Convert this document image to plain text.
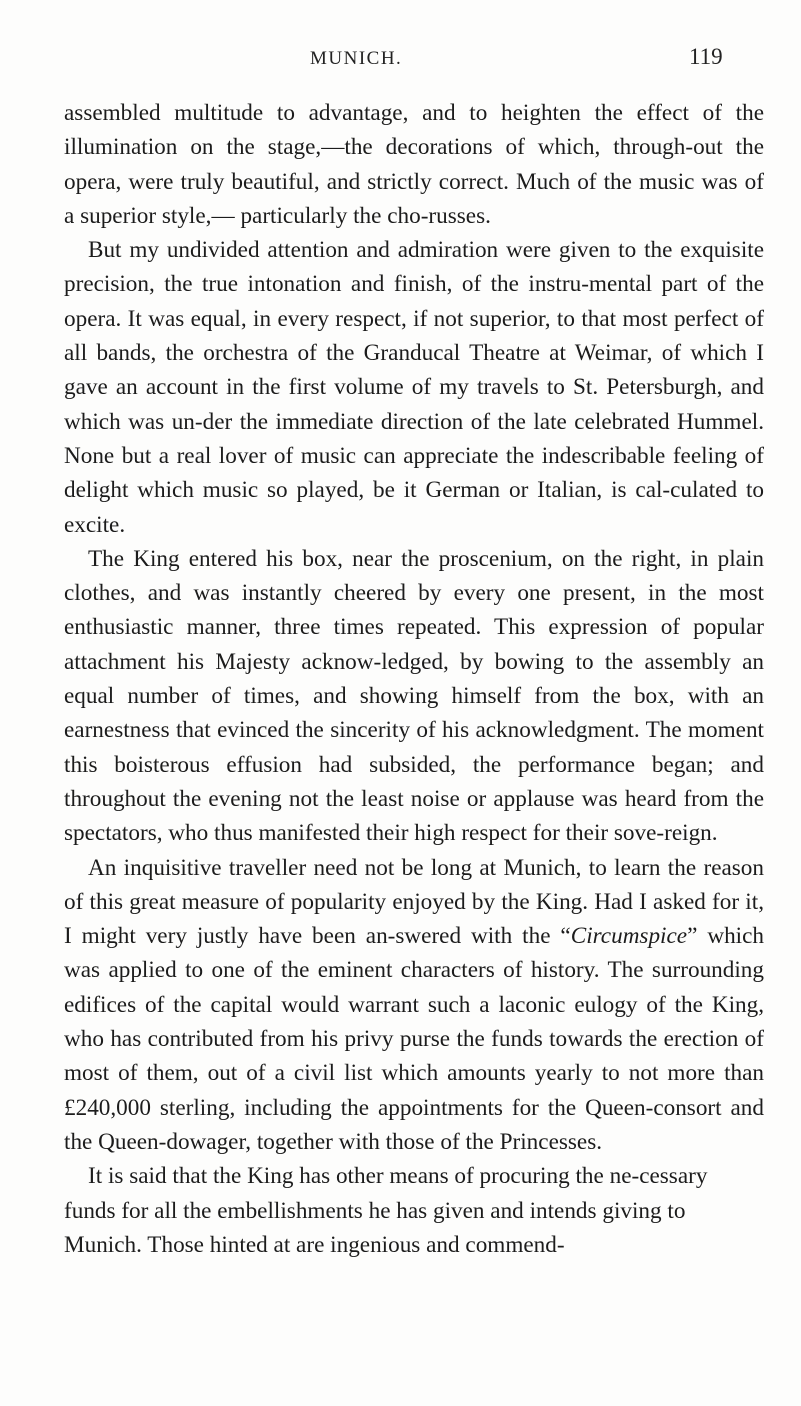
MUNICH.	119

assembled multitude to advantage, and to heighten the effect of the illumination on the stage,—the decorations of which, through-out the opera, were truly beautiful, and strictly correct. Much of the music was of a superior style,— particularly the cho-russes.

But my undivided attention and admiration were given to the exquisite precision, the true intonation and finish, of the instru-mental part of the opera. It was equal, in every respect, if not superior, to that most perfect of all bands, the orchestra of the Granducal Theatre at Weimar, of which I gave an account in the first volume of my travels to St. Petersburgh, and which was un-der the immediate direction of the late celebrated Hummel. None but a real lover of music can appreciate the indescribable feeling of delight which music so played, be it German or Italian, is cal-culated to excite.

The King entered his box, near the proscenium, on the right, in plain clothes, and was instantly cheered by every one present, in the most enthusiastic manner, three times repeated. This expression of popular attachment his Majesty acknow-ledged, by bowing to the assembly an equal number of times, and showing himself from the box, with an earnestness that evinced the sincerity of his acknowledgment. The moment this boisterous effusion had subsided, the performance began; and throughout the evening not the least noise or applause was heard from the spectators, who thus manifested their high respect for their sove-reign.

An inquisitive traveller need not be long at Munich, to learn the reason of this great measure of popularity enjoyed by the King. Had I asked for it, I might very justly have been an-swered with the “Circumspice” which was applied to one of the eminent characters of history. The surrounding edifices of the capital would warrant such a laconic eulogy of the King, who has contributed from his privy purse the funds towards the erection of most of them, out of a civil list which amounts yearly to not more than £240,000 sterling, including the appointments for the Queen-consort and the Queen-dowager, together with those of the Princesses.

It is said that the King has other means of procuring the ne-cessary funds for all the embellishments he has given and intends giving to Munich. Those hinted at are ingenious and commend-
